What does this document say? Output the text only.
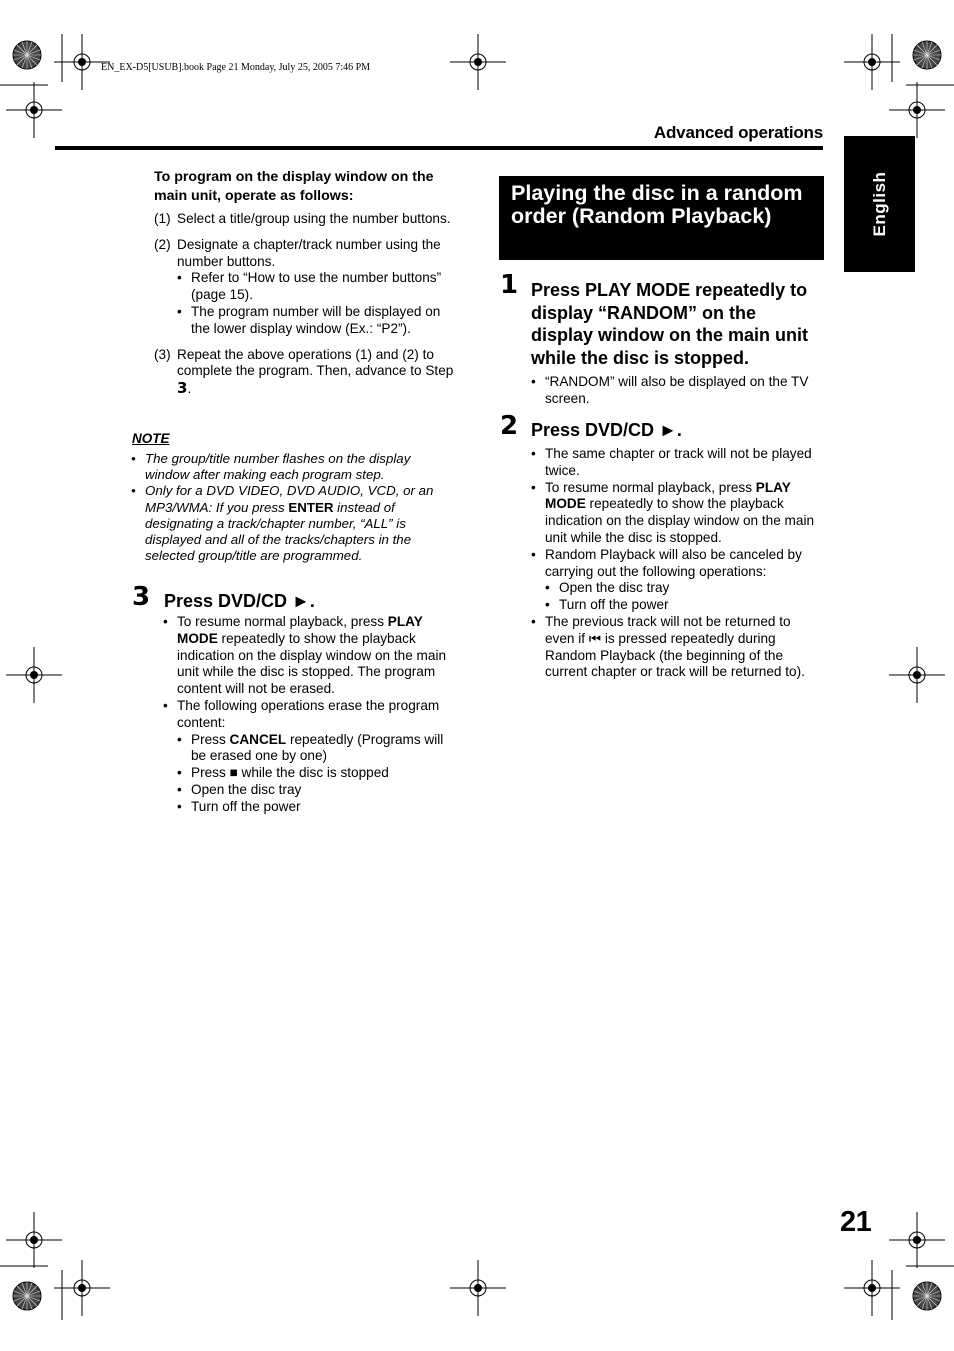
EN_EX-D5[USUB].book Page 21 Monday, July 25, 2005 7:46 PM
Advanced operations
English
To program on the display window on the main unit, operate as follows:
(1) Select a title/group using the number buttons.
(2) Designate a chapter/track number using the number buttons.
• Refer to “How to use the number buttons” (page 15).
• The program number will be displayed on the lower display window (Ex.: “P2”).
(3) Repeat the above operations (1) and (2) to complete the program. Then, advance to Step 3.
NOTE
• The group/title number flashes on the display window after making each program step.
• Only for a DVD VIDEO, DVD AUDIO, VCD, or an MP3/WMA: If you press ENTER instead of designating a track/chapter number, “ALL” is displayed and all of the tracks/chapters in the selected group/title are programmed.
3 Press DVD/CD ►.
• To resume normal playback, press PLAY MODE repeatedly to show the playback indication on the display window on the main unit while the disc is stopped. The program content will not be erased.
• The following operations erase the program content:
• Press CANCEL repeatedly (Programs will be erased one by one)
• Press ■ while the disc is stopped
• Open the disc tray
• Turn off the power
Playing the disc in a random order (Random Playback)
1 Press PLAY MODE repeatedly to display “RANDOM” on the display window on the main unit while the disc is stopped.
• “RANDOM” will also be displayed on the TV screen.
2 Press DVD/CD ►.
• The same chapter or track will not be played twice.
• To resume normal playback, press PLAY MODE repeatedly to show the playback indication on the display window on the main unit while the disc is stopped.
• Random Playback will also be canceled by carrying out the following operations:
• Open the disc tray
• Turn off the power
• The previous track will not be returned to even if ⏮ is pressed repeatedly during Random Playback (the beginning of the current chapter or track will be returned to).
21
